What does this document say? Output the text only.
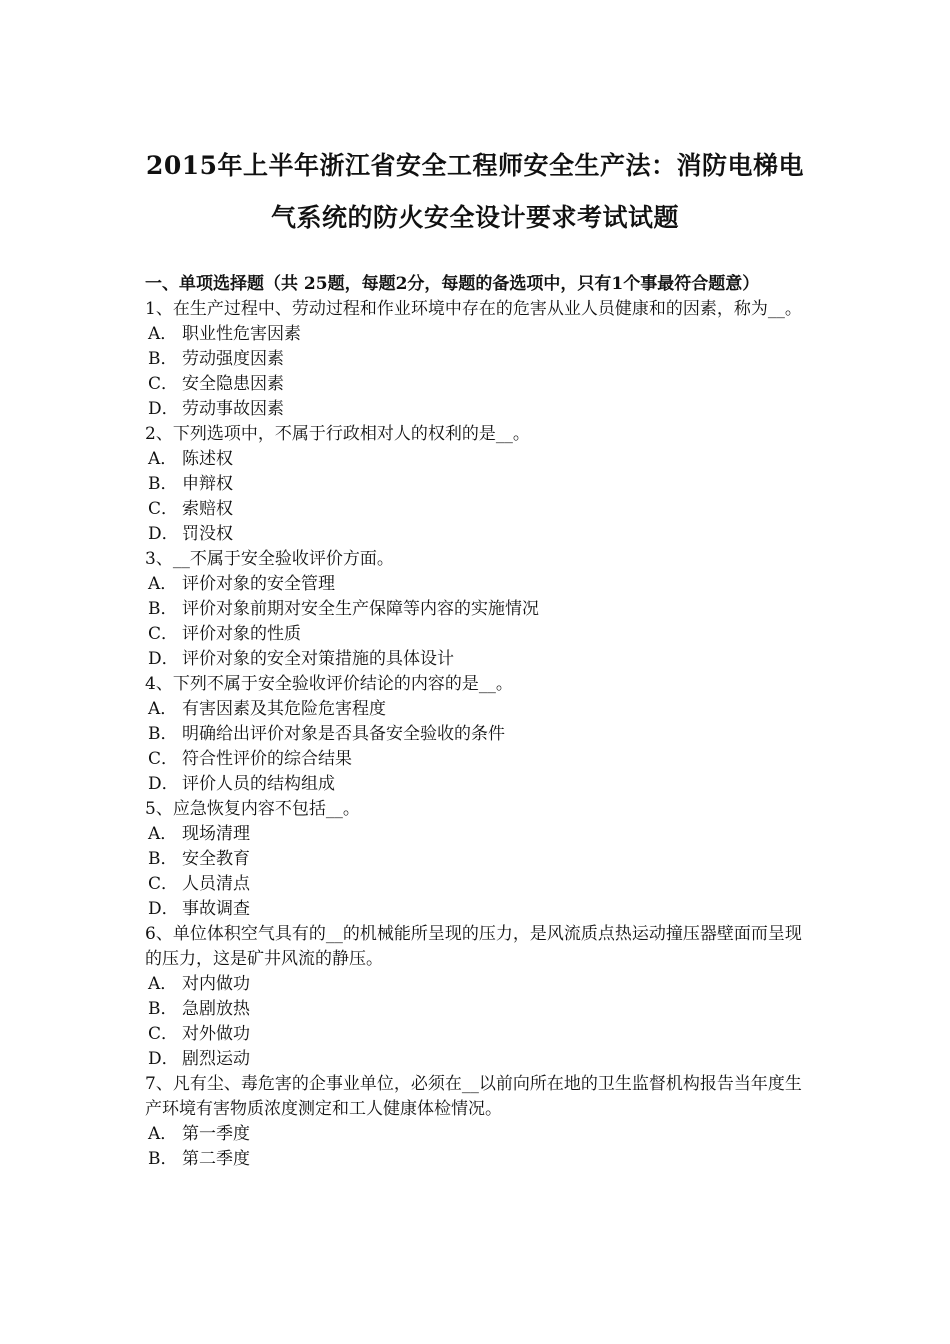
2015年上半年浙江省安全工程师安全生产法：消防电梯电
气系统的防火安全设计要求考试试题
一、单项选择题（共 25题，每题2分，每题的备选项中，只有1个事最符合题意）
1、在生产过程中、劳动过程和作业环境中存在的危害从业人员健康和的因素，称为__。
A． 职业性危害因素
B． 劳动强度因素
C． 安全隐患因素
D． 劳动事故因素
2、下列选项中，不属于行政相对人的权利的是__。
A． 陈述权
B． 申辩权
C． 索赔权
D． 罚没权
3、__不属于安全验收评价方面。
A． 评价对象的安全管理
B． 评价对象前期对安全生产保障等内容的实施情况
C． 评价对象的性质
D． 评价对象的安全对策措施的具体设计
4、下列不属于安全验收评价结论的内容的是__。
A． 有害因素及其危险危害程度
B． 明确给出评价对象是否具备安全验收的条件
C． 符合性评价的综合结果
D． 评价人员的结构组成
5、应急恢复内容不包括__。
A． 现场清理
B． 安全教育
C． 人员清点
D． 事故调查
6、单位体积空气具有的__的机械能所呈现的压力，是风流质点热运动撞压器壁面而呈现的压力，这是矿井风流的静压。
A． 对内做功
B． 急剧放热
C． 对外做功
D． 剧烈运动
7、凡有尘、毒危害的企事业单位，必须在__以前向所在地的卫生监督机构报告当年度生产环境有害物质浓度测定和工人健康体检情况。
A． 第一季度
B． 第二季度
